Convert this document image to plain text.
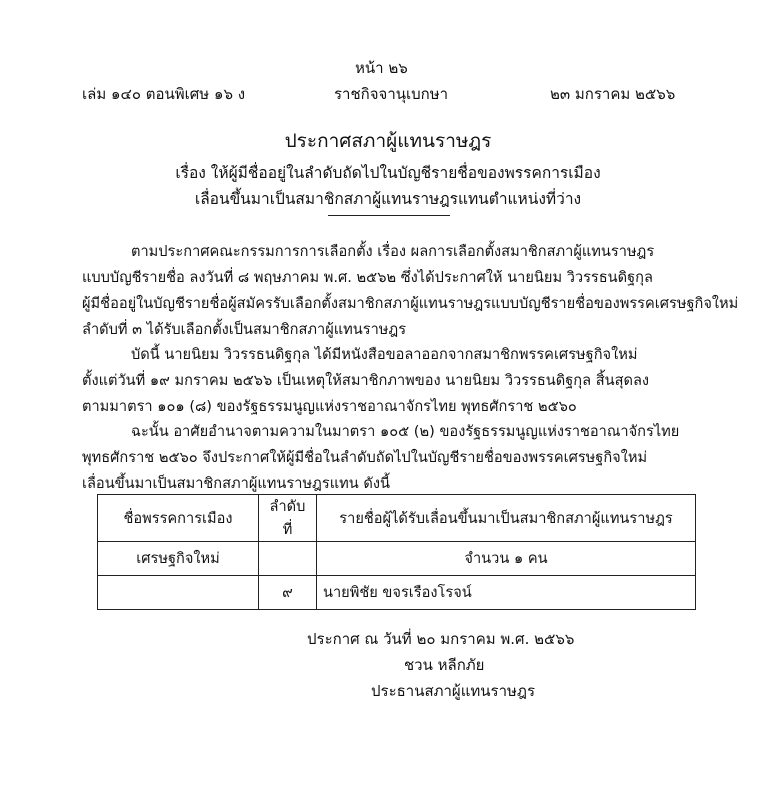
หน้า ๒๖
เล่ม ๑๔๐ ตอนพิเศษ ๑๖ ง	ราชกิจจานุเบกษา	๒๓ มกราคม ๒๕๖๖
ประกาศสภาผู้แทนราษฎร
เรื่อง ให้ผู้มีชื่ออยู่ในลำดับถัดไปในบัญชีรายชื่อของพรรคการเมือง
เลื่อนขึ้นมาเป็นสมาชิกสภาผู้แทนราษฎรแทนตำแหน่งที่ว่าง
ตามประกาศคณะกรรมการการเลือกตั้ง เรื่อง ผลการเลือกตั้งสมาชิกสภาผู้แทนราษฎร
แบบบัญชีรายชื่อ ลงวันที่ ๘ พฤษภาคม พ.ศ. ๒๕๖๒ ซึ่งได้ประกาศให้ นายนิยม วิวรรธนดิฐกุล
ผู้มีชื่ออยู่ในบัญชีรายชื่อผู้สมัครรับเลือกตั้งสมาชิกสภาผู้แทนราษฎรแบบบัญชีรายชื่อของพรรคเศรษฐกิจใหม่
ลำดับที่ ๓ ได้รับเลือกตั้งเป็นสมาชิกสภาผู้แทนราษฎร
บัดนี้ นายนิยม วิวรรธนดิฐกุล ได้มีหนังสือขอลาออกจากสมาชิกพรรคเศรษฐกิจใหม่
ตั้งแต่วันที่ ๑๙ มกราคม ๒๕๖๖ เป็นเหตุให้สมาชิกภาพของ นายนิยม วิวรรธนดิฐกุล สิ้นสุดลง
ตามมาตรา ๑๐๑ (๘) ของรัฐธรรมนูญแห่งราชอาณาจักรไทย พุทธศักราช ๒๕๖๐
ฉะนั้น อาศัยอำนาจตามความในมาตรา ๑๐๕ (๒) ของรัฐธรรมนูญแห่งราชอาณาจักรไทย
พุทธศักราช ๒๕๖๐ จึงประกาศให้ผู้มีชื่อในลำดับถัดไปในบัญชีรายชื่อของพรรคเศรษฐกิจใหม่
เลื่อนขึ้นมาเป็นสมาชิกสภาผู้แทนราษฎรแทน ดังนี้
ชื่อพรรคการเมือง	ลำดับที่	รายชื่อผู้ได้รับเลื่อนขึ้นมาเป็นสมาชิกสภาผู้แทนราษฎร
เศรษฐกิจใหม่		จำนวน ๑ คน
	๙	นายพิชัย ขจรเรืองโรจน์
ประกาศ ณ วันที่ ๒๐ มกราคม พ.ศ. ๒๕๖๖
ชวน หลีกภัย
ประธานสภาผู้แทนราษฎร
